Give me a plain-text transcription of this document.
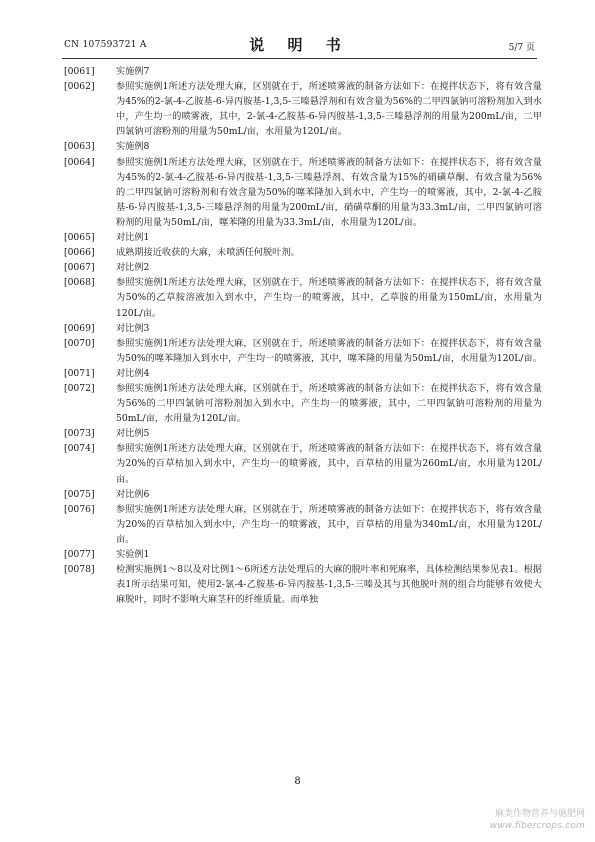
CN 107593721 A	说 明 书	5/7 页
[0061]	实施例7
[0062]	参照实施例1所述方法处理大麻，区别就在于，所述喷雾液的制备方法如下：在搅拌状态下，将有效含量为45%的2-氯-4-乙胺基-6-异丙胺基-1,3,5-三嗪悬浮剂和有效含量为56%的二甲四氯钠可溶粉剂加入到水中，产生均一的喷雾液，其中，2-氯-4-乙胺基-6-异丙胺基-1,3,5-三嗪悬浮剂的用量为200mL/亩，二甲四氯钠可溶粉剂的用量为50mL/亩，水用量为120L/亩。
[0063]	实施例8
[0064]	参照实施例1所述方法处理大麻，区别就在于，所述喷雾液的制备方法如下：在搅拌状态下，将有效含量为45%的2-氯-4-乙胺基-6-异丙胺基-1,3,5-三嗪悬浮剂、有效含量为15%的硝磺草酮、有效含量为56%的二甲四氯钠可溶粉剂和有效含量为50%的噻苯隆加入到水中，产生均一的喷雾液，其中，2-氯-4-乙胺基-6-异丙胺基-1,3,5-三嗪悬浮剂的用量为200mL/亩，硝磺草酮的用量为33.3mL/亩，二甲四氯钠可溶粉剂的用量为50mL/亩，噻苯隆的用量为33.3mL/亩，水用量为120L/亩。
[0065]	对比例1
[0066]	成熟期接近收获的大麻，未喷洒任何脱叶剂。
[0067]	对比例2
[0068]	参照实施例1所述方法处理大麻，区别就在于，所述喷雾液的制备方法如下：在搅拌状态下，将有效含量为50%的乙草胺溶液加入到水中，产生均一的喷雾液，其中，乙草胺的用量为150mL/亩，水用量为120L/亩。
[0069]	对比例3
[0070]	参照实施例1所述方法处理大麻，区别就在于，所述喷雾液的制备方法如下：在搅拌状态下，将有效含量为50%的噻苯隆加入到水中，产生均一的喷雾液，其中，噻苯隆的用量为50mL/亩，水用量为120L/亩。
[0071]	对比例4
[0072]	参照实施例1所述方法处理大麻，区别就在于，所述喷雾液的制备方法如下：在搅拌状态下，将有效含量为56%的二甲四氯钠可溶粉剂加入到水中，产生均一的喷雾液，其中，二甲四氯钠可溶粉剂的用量为50mL/亩，水用量为120L/亩。
[0073]	对比例5
[0074]	参照实施例1所述方法处理大麻，区别就在于，所述喷雾液的制备方法如下：在搅拌状态下，将有效含量为20%的百草枯加入到水中，产生均一的喷雾液，其中，百草枯的用量为260mL/亩，水用量为120L/亩。
[0075]	对比例6
[0076]	参照实施例1所述方法处理大麻，区别就在于，所述喷雾液的制备方法如下：在搅拌状态下，将有效含量为20%的百草枯加入到水中，产生均一的喷雾液，其中，百草枯的用量为340mL/亩，水用量为120L/亩。
[0077]	实验例1
[0078]	检测实施例1～8以及对比例1～6所述方法处理后的大麻的脱叶率和死麻率，具体检测结果参见表1。根据表1所示结果可知，使用2-氯-4-乙胺基-6-异丙胺基-1,3,5-三嗪及其与其他脱叶剂的组合均能够有效使大麻脱叶，同时不影响大麻茎秆的纤维质量。而单独
8
麻类作物营养与施肥网
www.fibercrops.com
